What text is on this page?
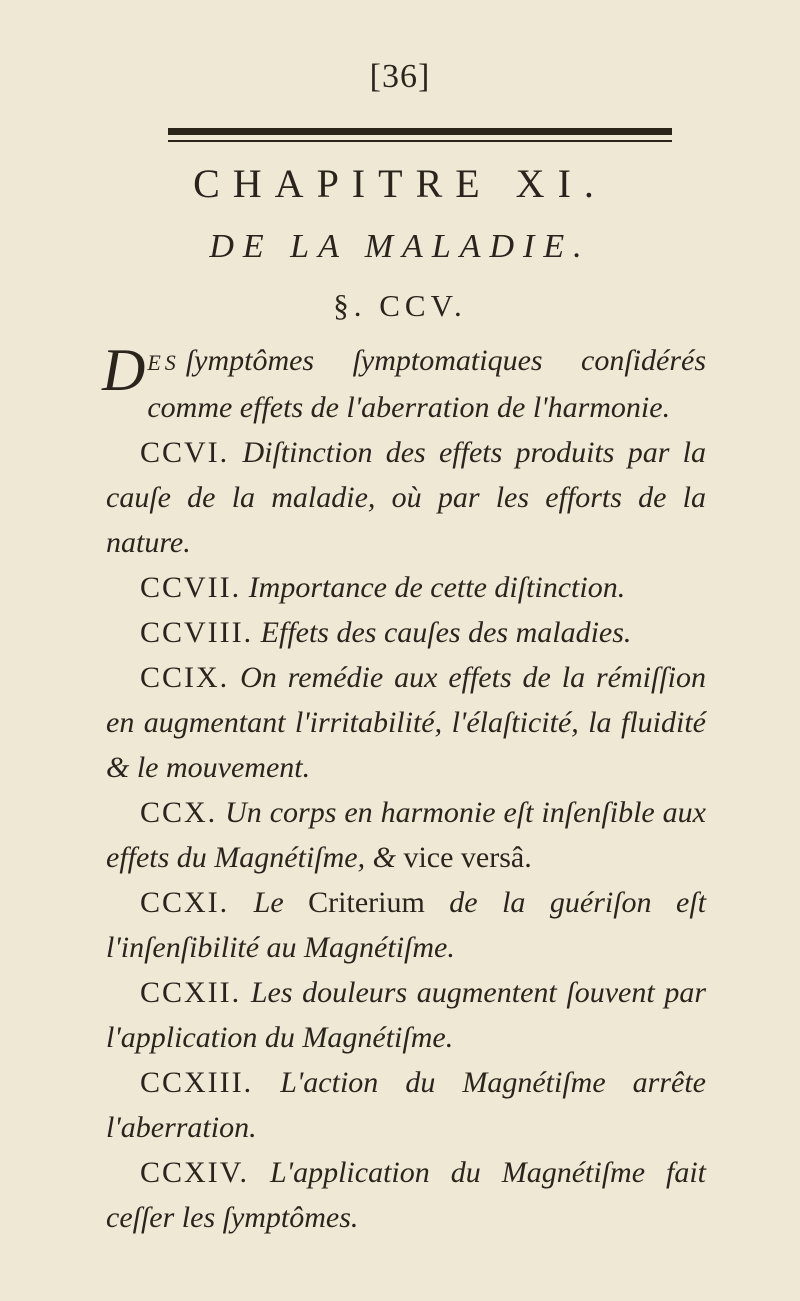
[36]
CHAPITRE XI.
DE LA MALADIE.
§. CCV.

DES ſymptômes ſymptomatiques conſidérés comme effets de l'aberration de l'harmonie.

CCVI. Diſtinction des effets produits par la cauſe de la maladie, où par les efforts de la nature.

CCVII. Importance de cette diſtinction.

CCVIII. Effets des cauſes des maladies.

CCIX. On remédie aux effets de la rémiſſion en augmentant l'irritabilité, l'élaſticité, la fluidité & le mouvement.

CCX. Un corps en harmonie eſt inſenſible aux effets du Magnétiſme, & vice versâ.

CCXI. Le Criterium de la guériſon eſt l'inſenſibilité au Magnétiſme.

CCXII. Les douleurs augmentent ſouvent par l'application du Magnétiſme.

CCXIII. L'action du Magnétiſme arrête l'aberration.

CCXIV. L'application du Magnétiſme fait ceſſer les ſymptômes.
